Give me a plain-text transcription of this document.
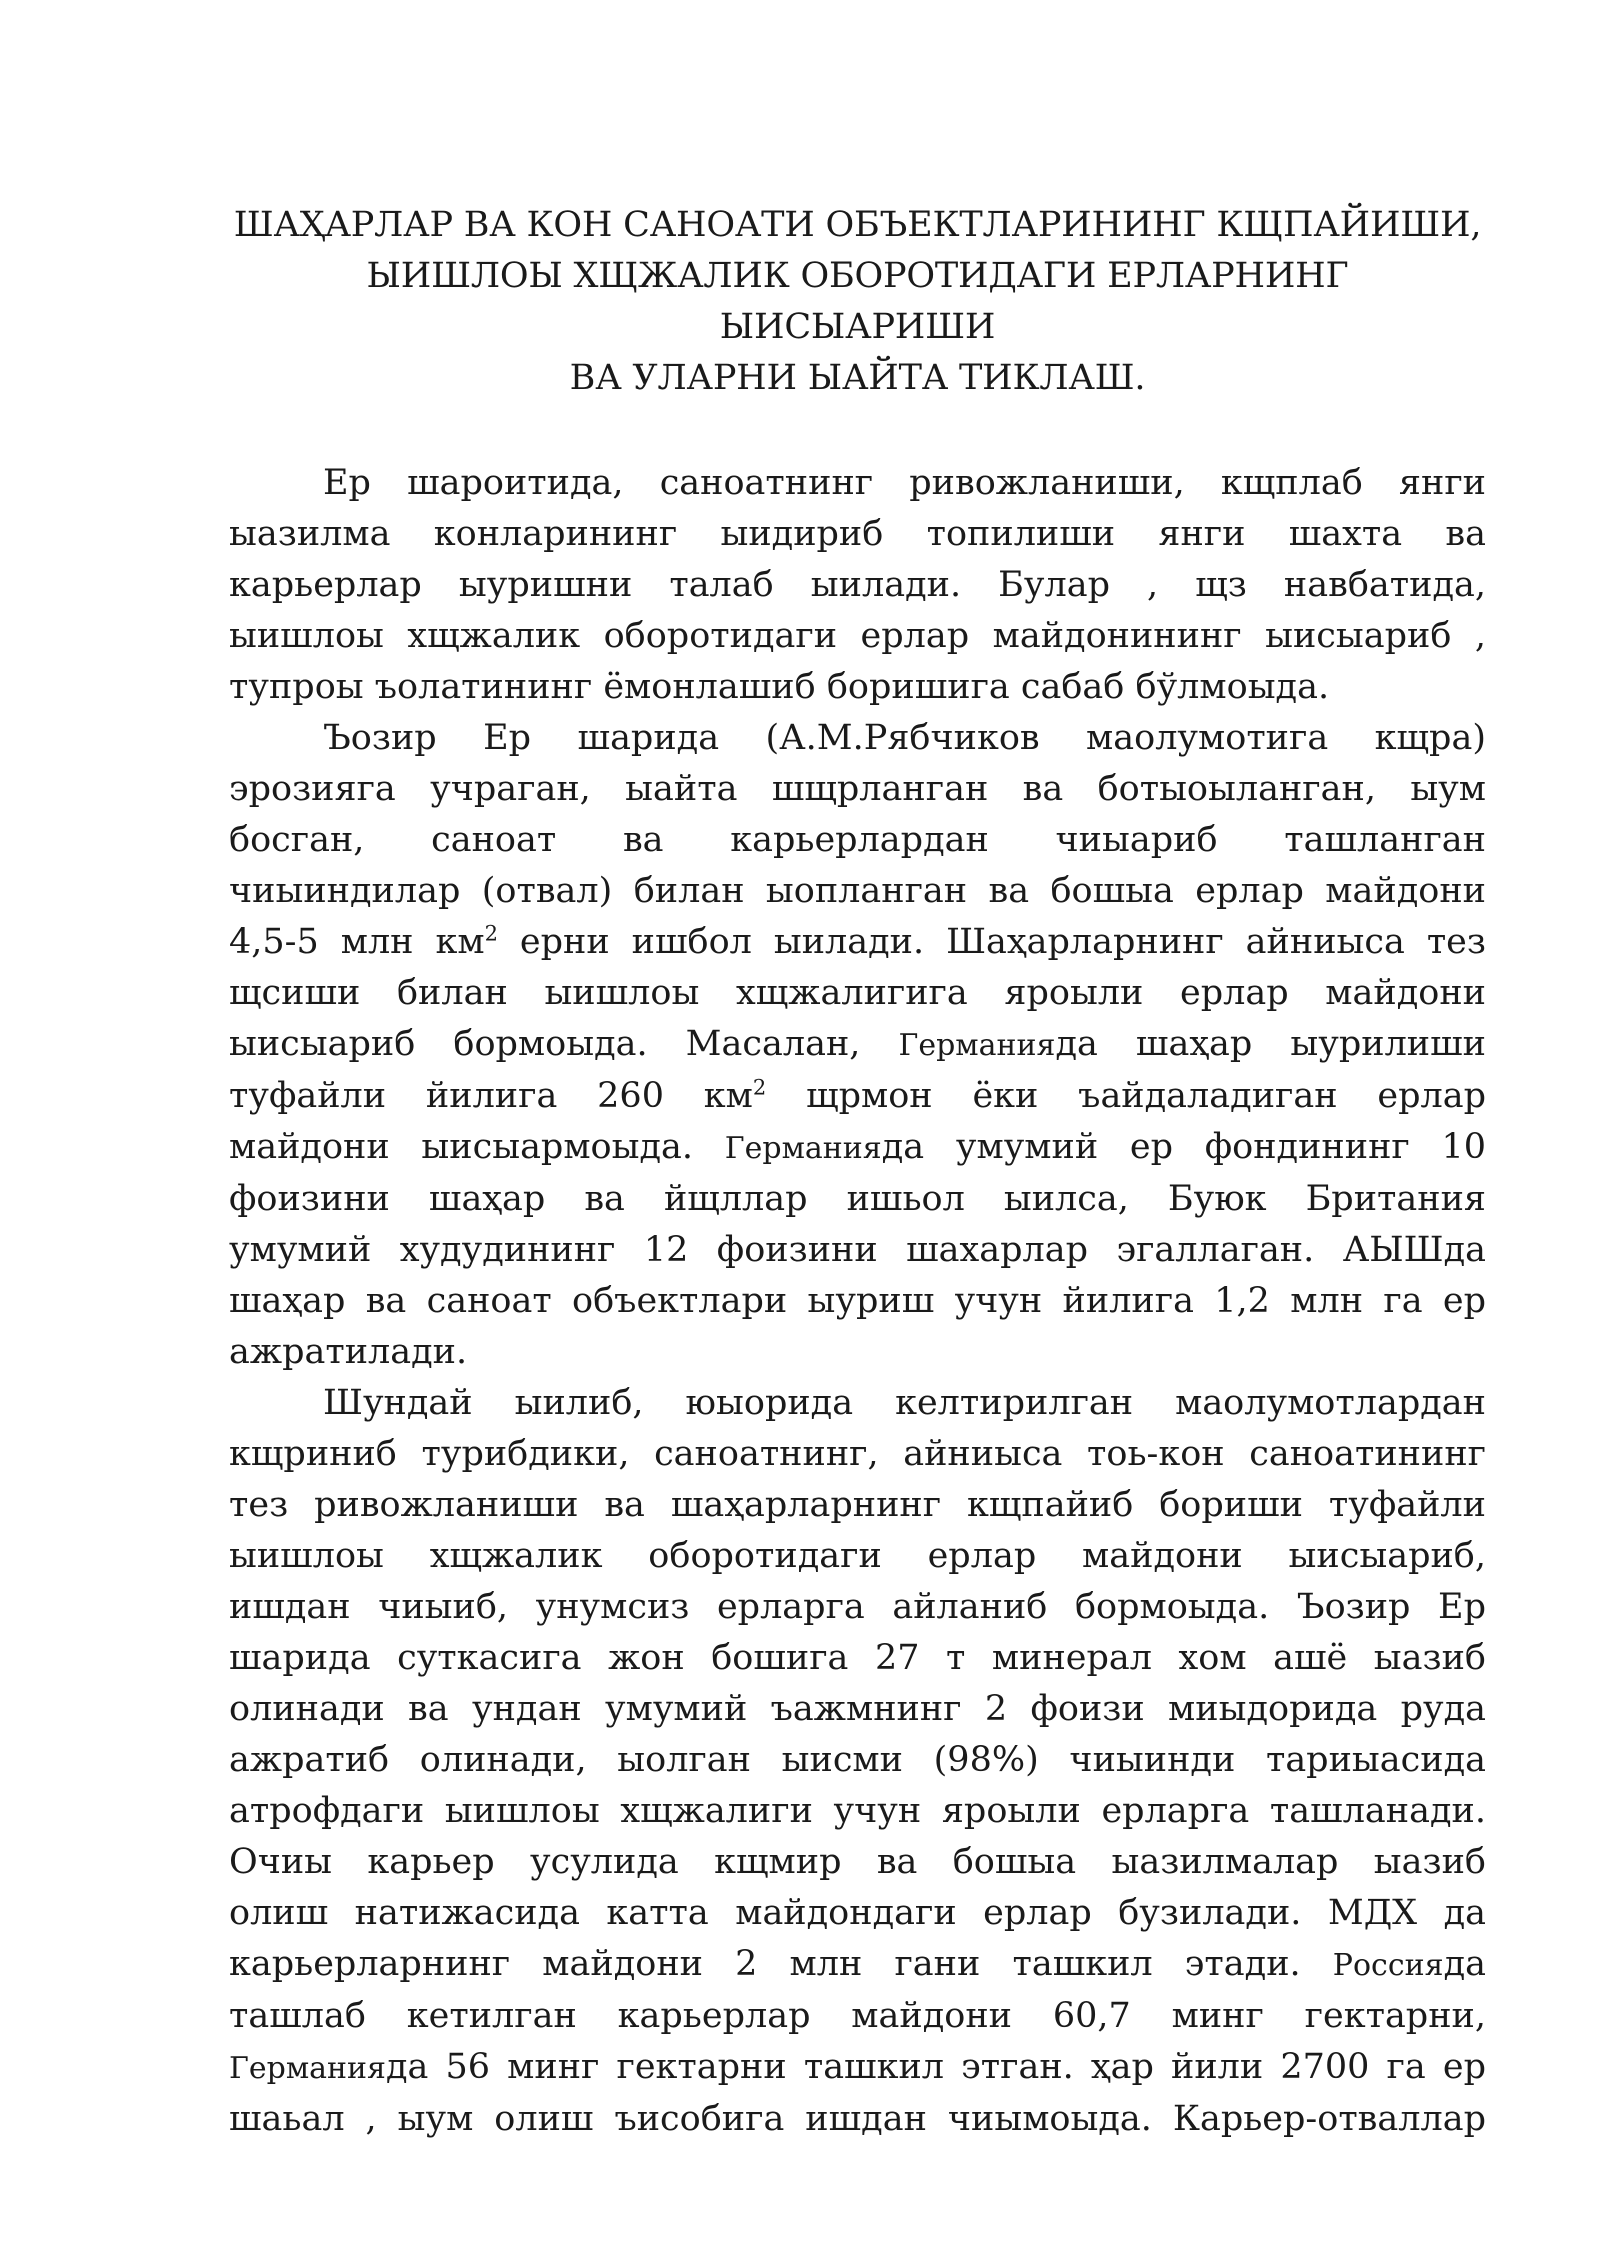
ШАҲАРЛАР ВА КОН САНОАТИ ОБЪЕКТЛАРИНИНГ КЩПАЙИШИ,
ЫИШЛОЫ ХЩЖАЛИК ОБОРОТИДАГИ ЕРЛАРНИНГ ЫИСЫАРИШИ
ВА УЛАРНИ ЫАЙТА ТИКЛАШ.

Ер шароитида, саноатнинг ривожланиши, кщплаб янги
ыазилма конларининг ыидириб топилиши янги шахта ва
карьерлар ыуришни талаб ыилади. Булар , щз навбатида,
ыишлоы хщжалик оборотидаги ерлар майдонининг ыисыариб ,
тупроы ъолатининг ёмонлашиб боришига сабаб бўлмоыда.

Ъозир Ер шарида (А.М.Рябчиков маолумотига кщра)
эрозияга учраган, ыайта шщрланган ва ботыоыланган, ыум
босган, саноат ва карьерлардан чиыариб ташланган
чиыиндилар (отвал) билан ыопланган ва бошыа ерлар майдони
4,5-5 млн $км^2$ ерни ишбол ыилади. Шаҳарларнинг айниыса тез
щсиши билан ыишлоы хщжалигига яроыли ерлар майдони
ыисыариб бормоыда. Масалан, Германияда шаҳар ыурилиши
туфайли йилига 260 $км^2$ щрмон ёки ъайдаладиган ерлар
майдони ыисыармоыда. Германияда умумий ер фондининг 10
фоизини шаҳар ва йщллар ишьол ыилса, Буюк Британия
умумий худудининг 12 фоизини шахарлар эгаллаган. АЫШда
шаҳар ва саноат объектлари ыуриш учун йилига 1,2 млн га ер
ажратилади.

Шундай ыилиб, юыорида келтирилган маолумотлардан
кщриниб турибдики, саноатнинг, айниыса тоь-кон саноатининг
тез ривожланиши ва шаҳарларнинг кщпайиб бориши туфайли
ыишлоы хщжалик оборотидаги ерлар майдони ыисыариб,
ишдан чиыиб, унумсиз ерларга айланиб бормоыда. Ъозир Ер
шарида суткасига жон бошига 27 т минерал хом ашё ыазиб
олинади ва ундан умумий ъажмнинг 2 фоизи миыдорида руда
ажратиб олинади, ыолган ыисми (98%) чиыинди тариыасида
атрофдаги ыишлоы хщжалиги учун яроыли ерларга ташланади.
Очиы карьер усулида кщмир ва бошыа ыазилмалар ыазиб
олиш натижасида катта майдондаги ерлар бузилади. МДХ да
карьерларнинг майдони 2 млн гани ташкил этади. Россияда
ташлаб кетилган карьерлар майдони 60,7 минг гектарни,
Германияда 56 минг гектарни ташкил этган. ҳар йили 2700 га ер
шаьал , ыум олиш ъисобига ишдан чиымоыда. Карьер-отваллар
